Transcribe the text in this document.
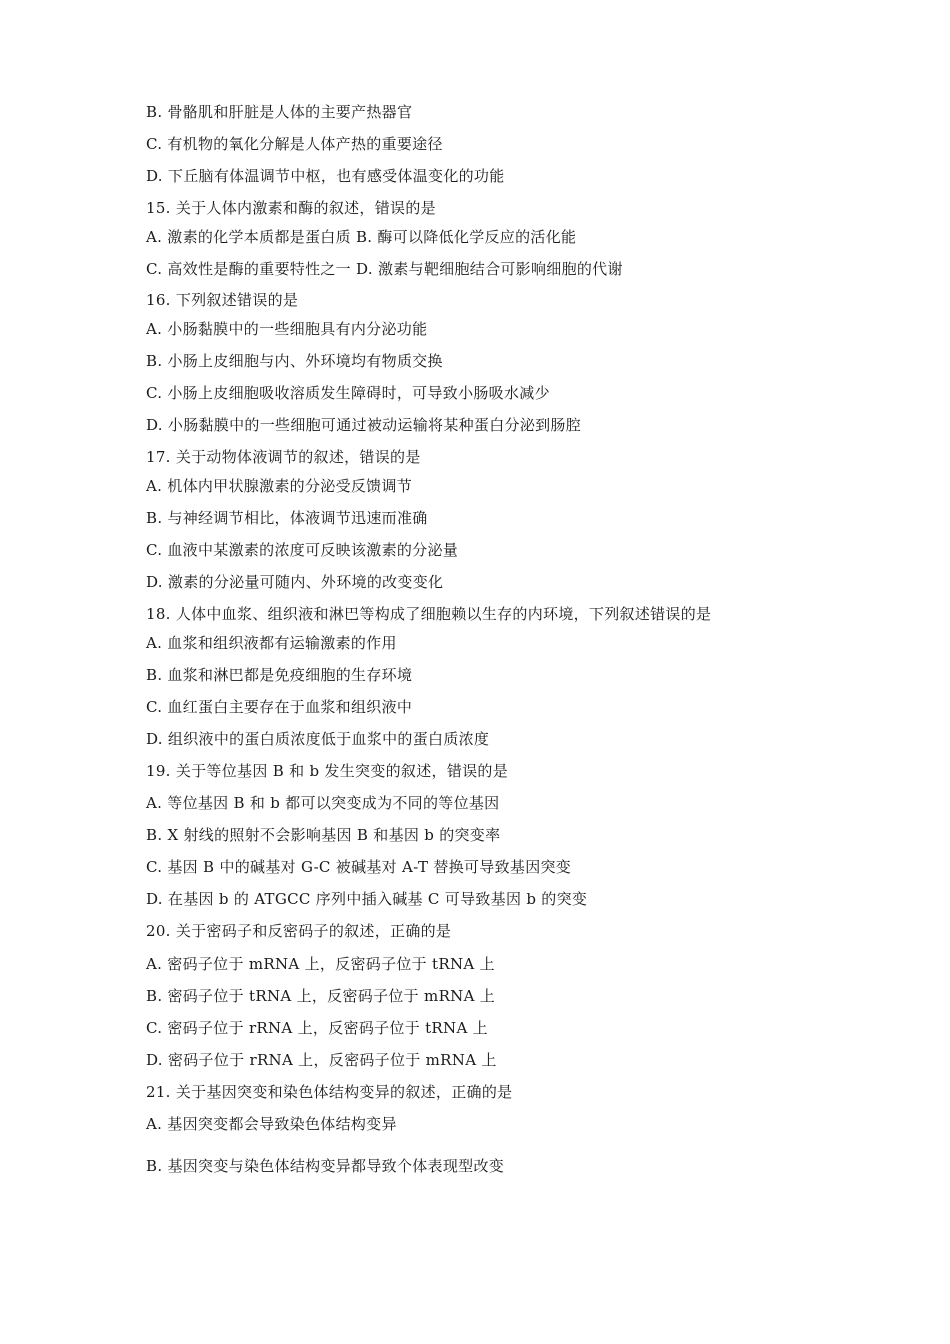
B. 骨骼肌和肝脏是人体的主要产热器官
C. 有机物的氧化分解是人体产热的重要途径
D. 下丘脑有体温调节中枢，也有感受体温变化的功能
15. 关于人体内激素和酶的叙述，错误的是
A. 激素的化学本质都是蛋白质 B. 酶可以降低化学反应的活化能
C. 高效性是酶的重要特性之一 D. 激素与靶细胞结合可影响细胞的代谢
16. 下列叙述错误的是
A. 小肠黏膜中的一些细胞具有内分泌功能
B. 小肠上皮细胞与内、外环境均有物质交换
C. 小肠上皮细胞吸收溶质发生障碍时，可导致小肠吸水减少
D. 小肠黏膜中的一些细胞可通过被动运输将某种蛋白分泌到肠腔
17. 关于动物体液调节的叙述，错误的是
A. 机体内甲状腺激素的分泌受反馈调节
B. 与神经调节相比，体液调节迅速而准确
C. 血液中某激素的浓度可反映该激素的分泌量
D. 激素的分泌量可随内、外环境的改变变化
18. 人体中血浆、组织液和淋巴等构成了细胞赖以生存的内环境，下列叙述错误的是
A. 血浆和组织液都有运输激素的作用
B. 血浆和淋巴都是免疫细胞的生存环境
C. 血红蛋白主要存在于血浆和组织液中
D. 组织液中的蛋白质浓度低于血浆中的蛋白质浓度
19. 关于等位基因 B 和 b 发生突变的叙述，错误的是
A. 等位基因 B 和 b 都可以突变成为不同的等位基因
B. X 射线的照射不会影响基因 B 和基因 b 的突变率
C. 基因 B 中的碱基对 G-C 被碱基对 A-T 替换可导致基因突变
D. 在基因 b 的 ATGCC 序列中插入碱基 C 可导致基因 b 的突变
20. 关于密码子和反密码子的叙述，正确的是
A. 密码子位于 mRNA 上，反密码子位于 tRNA 上
B. 密码子位于 tRNA 上，反密码子位于 mRNA 上
C. 密码子位于 rRNA 上，反密码子位于 tRNA 上
D. 密码子位于 rRNA 上，反密码子位于 mRNA 上
21. 关于基因突变和染色体结构变异的叙述，正确的是
A. 基因突变都会导致染色体结构变异
B. 基因突变与染色体结构变异都导致个体表现型改变
